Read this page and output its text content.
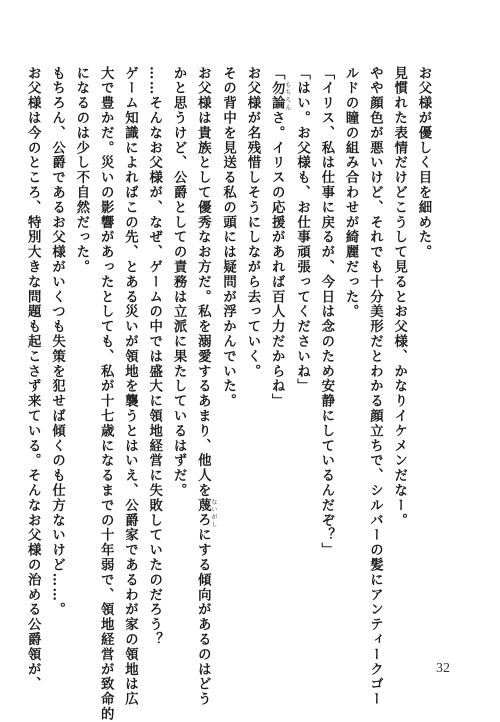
お父様が優しく目を細めた。
見慣れた表情だけどこうして見るとお父様、かなりイケメンだなー。
やや顔色が悪いけど、それでも十分美形だとわかる顔立ちで、シルバーの髪にアンティークゴー
ルドの瞳の組み合わせが綺麗だった。
「イリス、私は仕事に戻るが、今日は念のため安静にしているんだぞ？」
「はい。お父様も、お仕事頑張ってくださいね」
「勿論もちろんさ。イリスの応援があれば百人力だからね」
お父様が名残惜しそうにしながら去っていく。
その背中を見送る私の頭には疑問が浮かんでいた。
お父様は貴族として優秀なお方だ。私を溺愛するあまり、他人を蔑ろないがしにする傾向があるのはどう
かと思うけど、公爵としての責務は立派に果たしているはずだ。
……そんなお父様が、なぜ、ゲームの中では盛大に領地経営に失敗していたのだろう？
ゲーム知識によればこの先、とある災いが領地を襲うとはいえ、公爵家であるわが家の領地は広
大で豊かだ。災いの影響があったとしても、私が十七歳になるまでの十年弱で、領地経営が致命的
になるのは少し不自然だった。
もちろん、公爵であるお父様がいくつも失策を犯せば傾くのも仕方ないけど……。
お父様は今のところ、特別大きな問題も起こさず来ている。そんなお父様の治める公爵領が、	32
